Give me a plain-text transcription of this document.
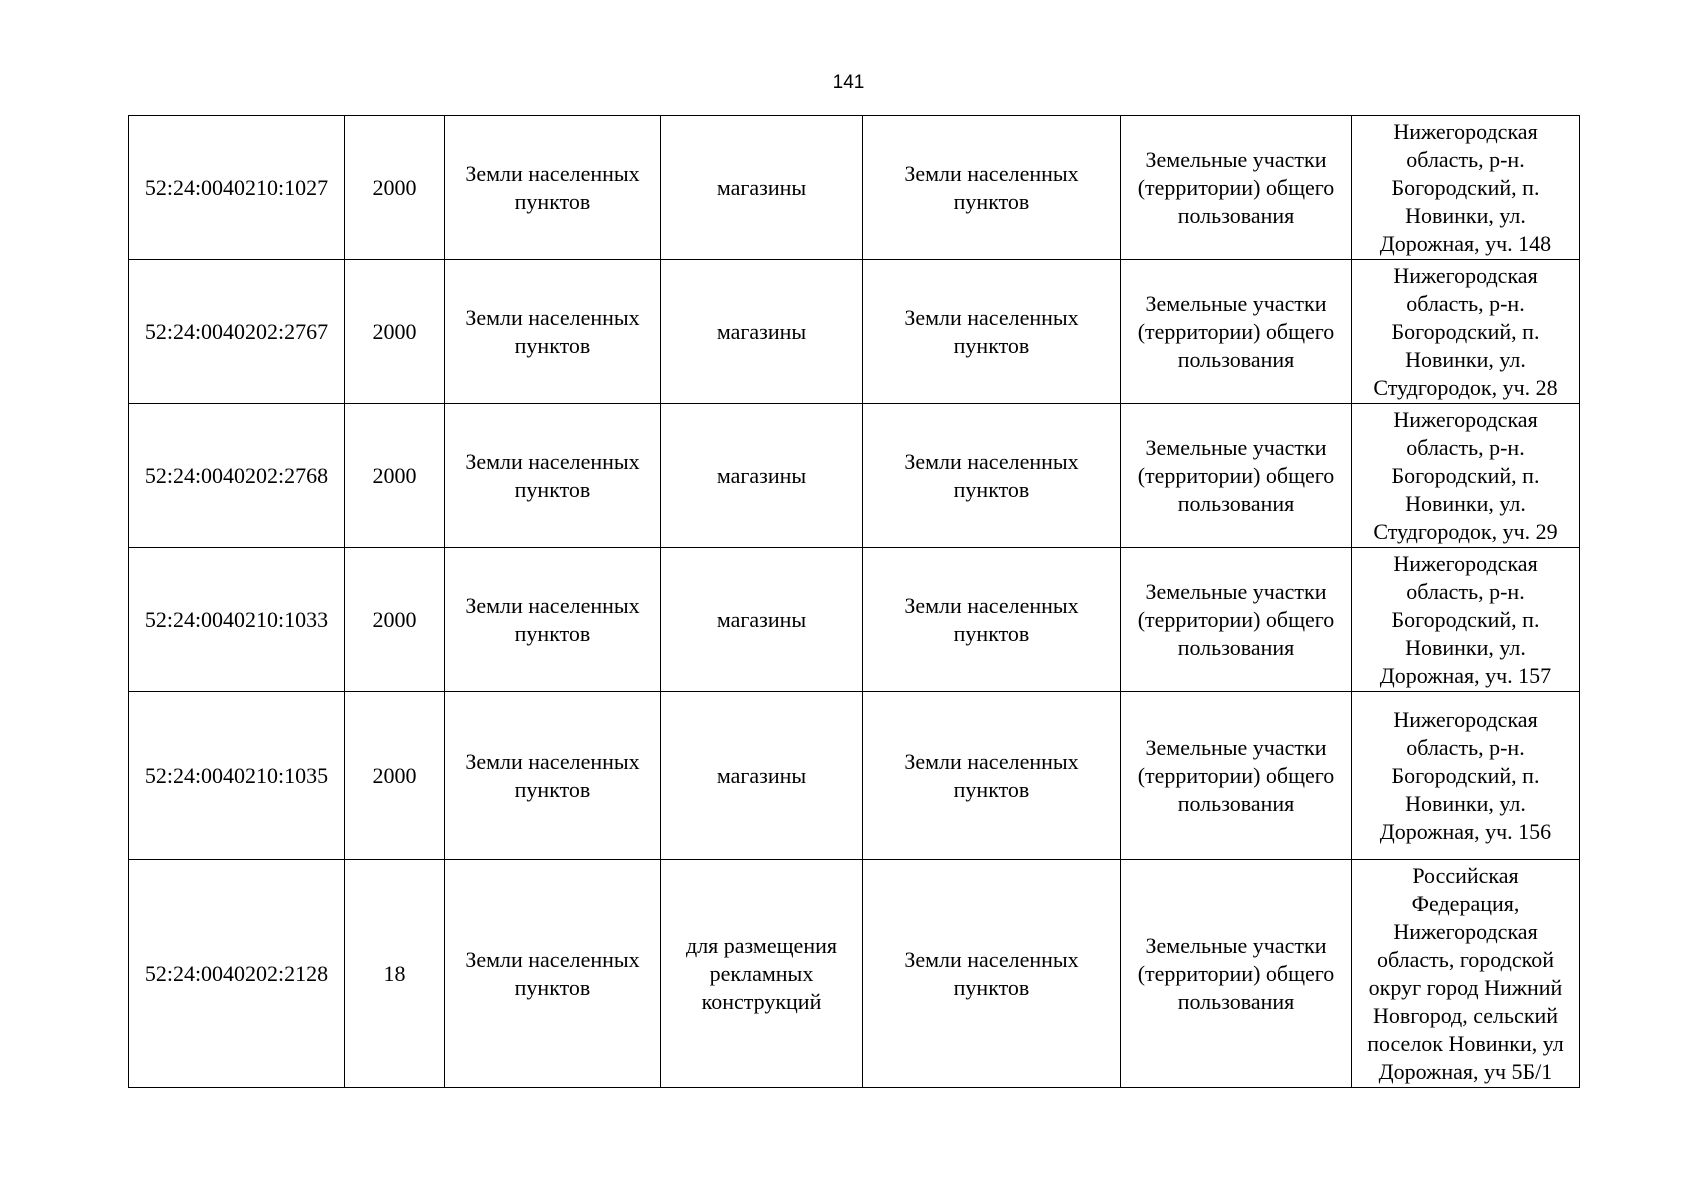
141
52:24:0040210:1027	2000	Земли населенных пунктов	магазины	Земли населенных пунктов	Земельные участки (территории) общего пользования	Нижегородская область, р-н. Богородский, п. Новинки, ул. Дорожная, уч. 148
52:24:0040202:2767	2000	Земли населенных пунктов	магазины	Земли населенных пунктов	Земельные участки (территории) общего пользования	Нижегородская область, р-н. Богородский, п. Новинки, ул. Студгородок, уч. 28
52:24:0040202:2768	2000	Земли населенных пунктов	магазины	Земли населенных пунктов	Земельные участки (территории) общего пользования	Нижегородская область, р-н. Богородский, п. Новинки, ул. Студгородок, уч. 29
52:24:0040210:1033	2000	Земли населенных пунктов	магазины	Земли населенных пунктов	Земельные участки (территории) общего пользования	Нижегородская область, р-н. Богородский, п. Новинки, ул. Дорожная, уч. 157
52:24:0040210:1035	2000	Земли населенных пунктов	магазины	Земли населенных пунктов	Земельные участки (территории) общего пользования	Нижегородская область, р-н. Богородский, п. Новинки, ул. Дорожная, уч. 156
52:24:0040202:2128	18	Земли населенных пунктов	для размещения рекламных конструкций	Земли населенных пунктов	Земельные участки (территории) общего пользования	Российская Федерация, Нижегородская область, городской округ город Нижний Новгород, сельский поселок Новинки, ул Дорожная, уч 5Б/1
